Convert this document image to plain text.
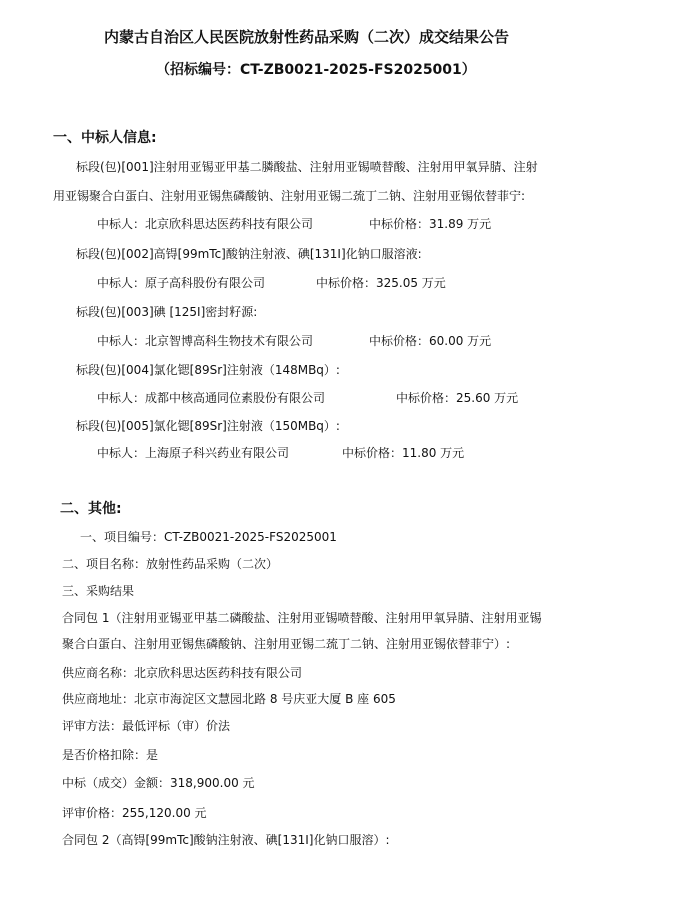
内蒙古自治区人民医院放射性药品采购（二次）成交结果公告
（招标编号：CT-ZB0021-2025-FS2025001）
一、中标人信息:
标段(包)[001]注射用亚锡亚甲基二膦酸盐、注射用亚锡喷替酸、注射用甲氧异腈、注射
用亚锡聚合白蛋白、注射用亚锡焦磷酸钠、注射用亚锡二巯丁二钠、注射用亚锡依替菲宁:
中标人：北京欣科思达医药科技有限公司	中标价格：31.89 万元
标段(包)[002]高锝[99mTc]酸钠注射液、碘[131I]化钠口服溶液:
中标人：原子高科股份有限公司	中标价格：325.05 万元
标段(包)[003]碘 [125I]密封籽源:
中标人：北京智博高科生物技术有限公司	中标价格：60.00 万元
标段(包)[004]氯化锶[89Sr]注射液（148MBq）:
中标人：成都中核高通同位素股份有限公司	中标价格：25.60 万元
标段(包)[005]氯化锶[89Sr]注射液（150MBq）:
中标人：上海原子科兴药业有限公司	中标价格：11.80 万元
二、其他:
一、项目编号：CT-ZB0021-2025-FS2025001
二、项目名称：放射性药品采购（二次）
三、采购结果
合同包 1（注射用亚锡亚甲基二磷酸盐、注射用亚锡喷替酸、注射用甲氧异腈、注射用亚锡
聚合白蛋白、注射用亚锡焦磷酸钠、注射用亚锡二巯丁二钠、注射用亚锡依替菲宁）:
供应商名称：北京欣科思达医药科技有限公司
供应商地址：北京市海淀区文慧园北路 8 号庆亚大厦 B 座 605
评审方法：最低评标（审）价法
是否价格扣除：是
中标（成交）金额：318,900.00 元
评审价格：255,120.00 元
合同包 2（高锝[99mTc]酸钠注射液、碘[131I]化钠口服溶）:
